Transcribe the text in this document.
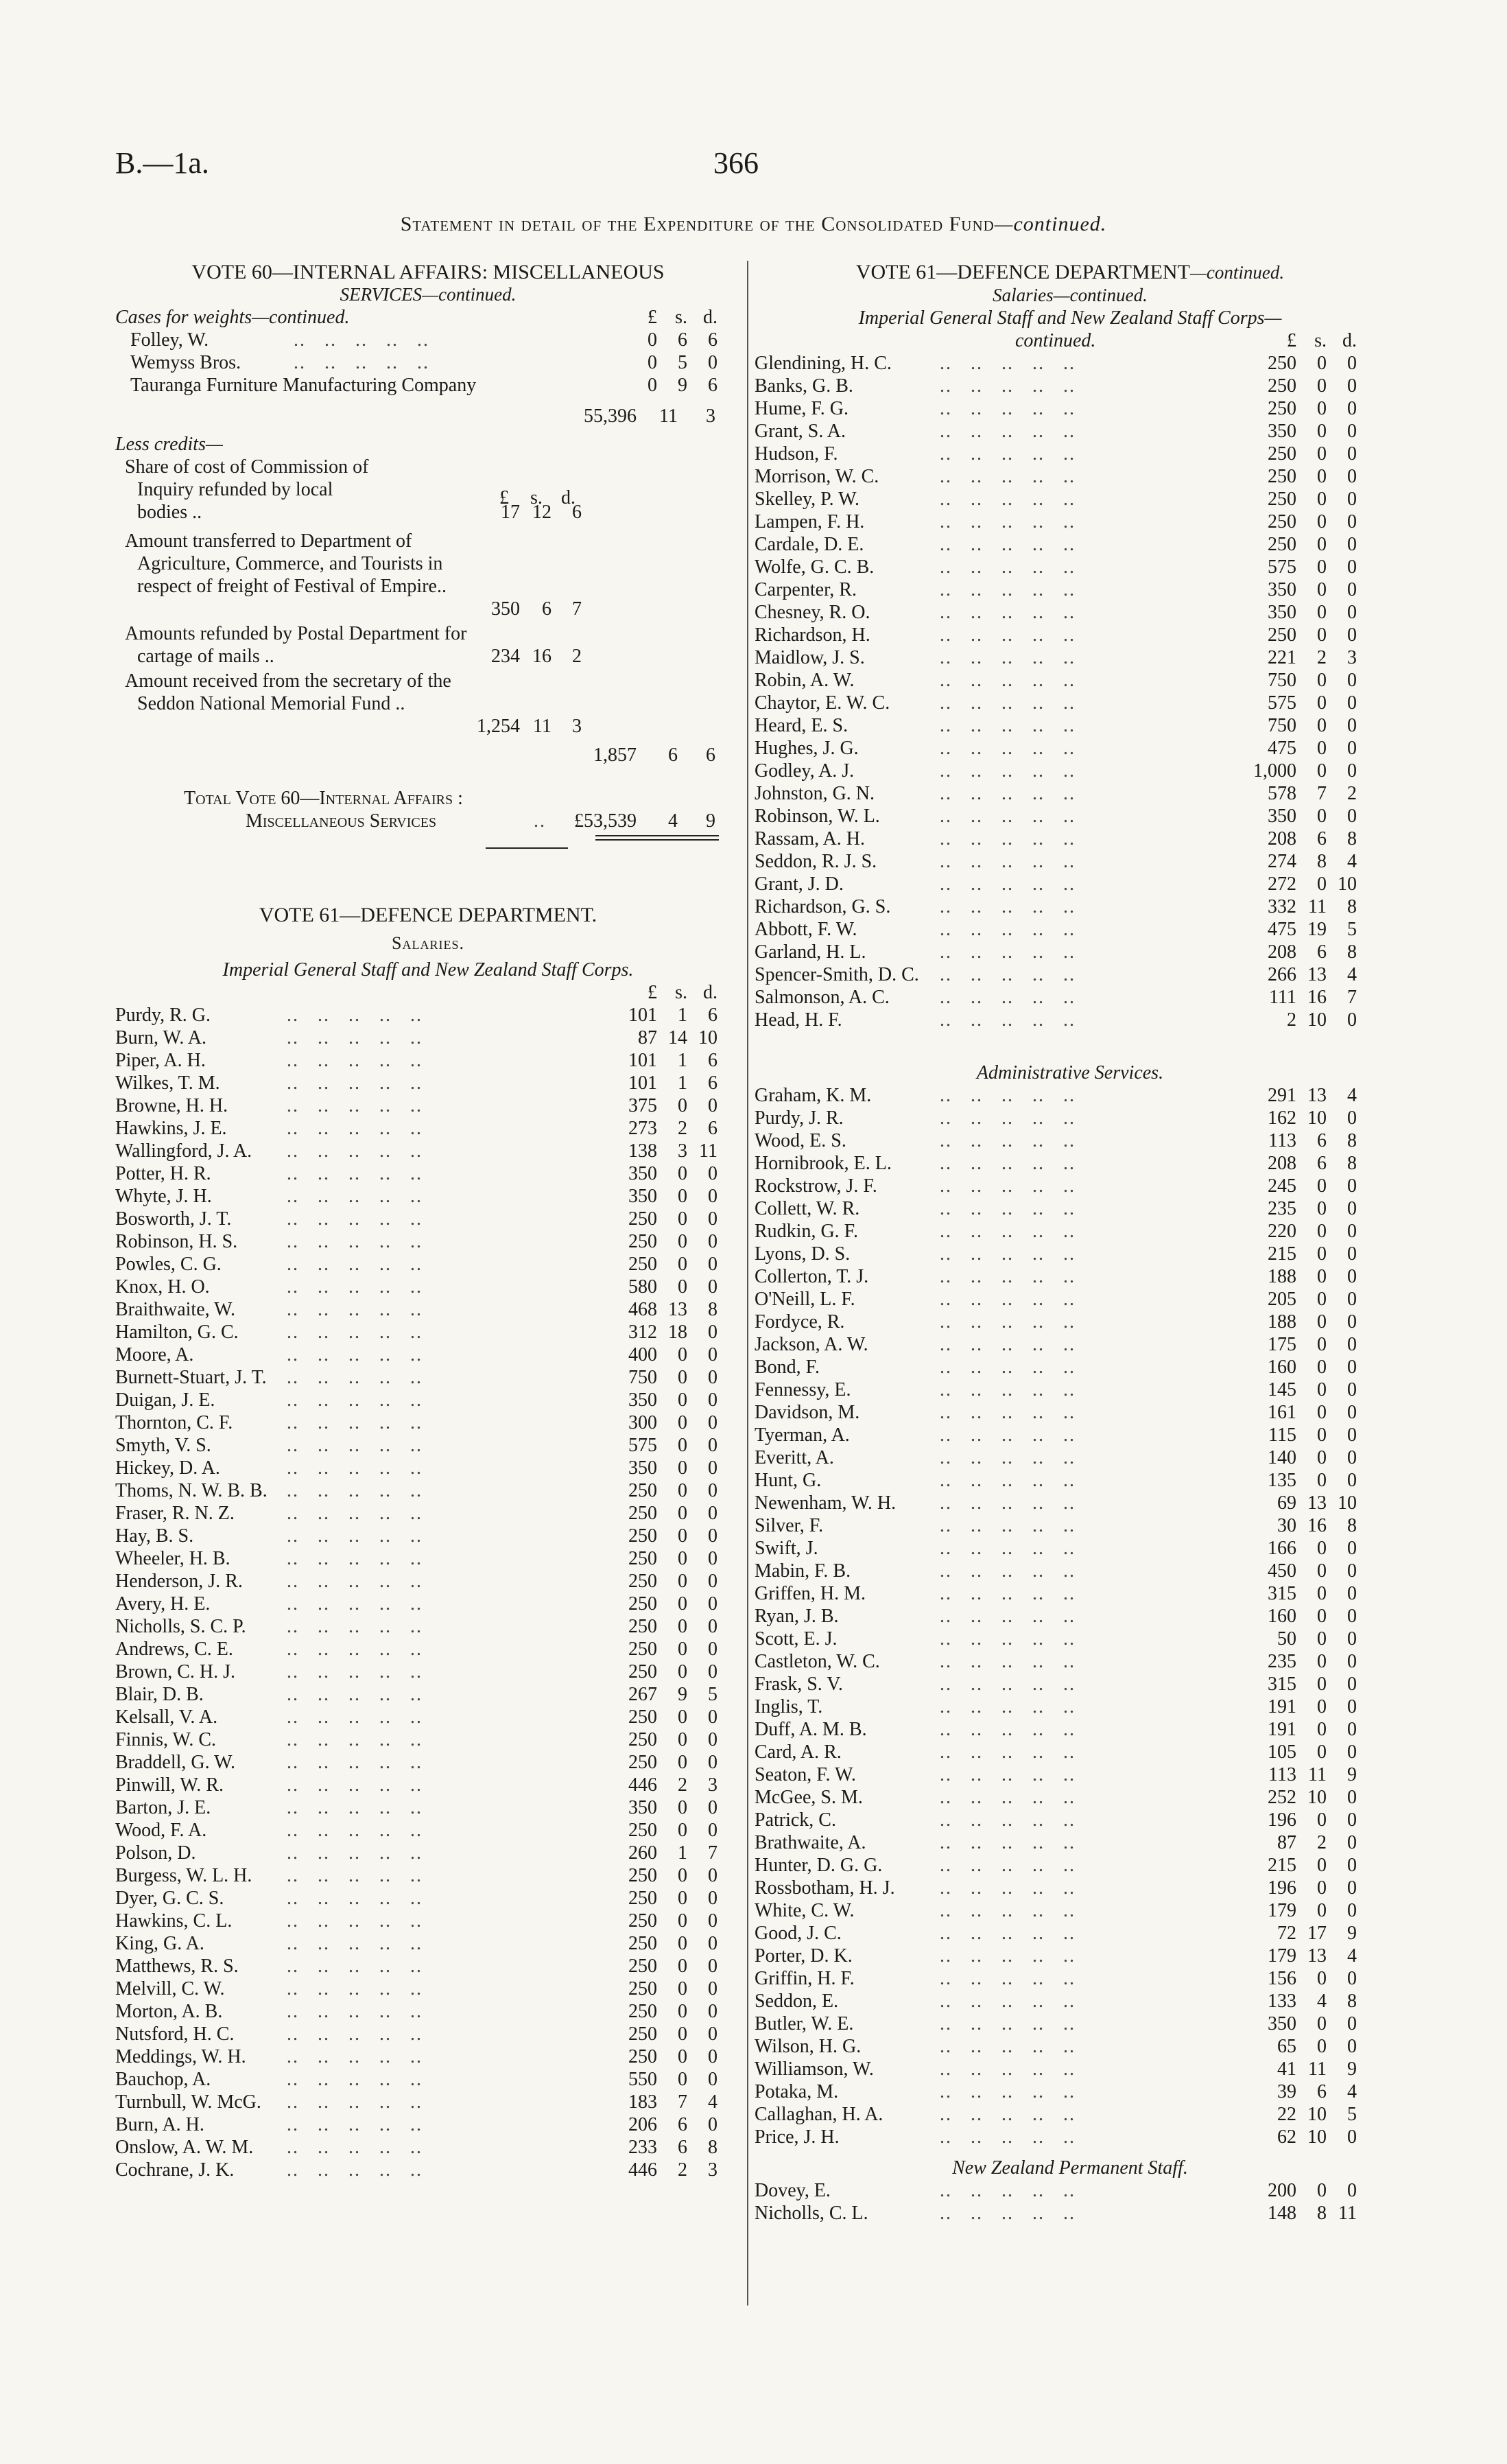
B.—1a.	366
Statement in detail of the Expenditure of the Consolidated Fund—continued.
VOTE 60—INTERNAL AFFAIRS: MISCELLANEOUS
SERVICES—continued.
Cases for weights—continued.	£ s. d.
Folley, W.	..   ..   ..   ..   ..	0	6	6
Wemyss Bros.	..   ..   ..   ..   ..	0	5	0
Tauranga Furniture Manufacturing Company	0	9	6
55,396	11	3
Less credits—
£ s. d.
Share of cost of Commission of Inquiry refunded by local bodies ..	17 12	6
Amount transferred to Department of Agriculture, Commerce, and Tourists in respect of freight of Festival of Empire..
350	6	7
Amounts refunded by Postal Department for cartage of mails ..	234 16	2
Amount received from the secretary of the Seddon National Memorial Fund ..
1,254 11	3
1,857	6	6
Total Vote 60—Internal Affairs :
Miscellaneous Services	..	£53,539	4	9
VOTE 61—DEFENCE DEPARTMENT.
Salaries.
Imperial General Staff and New Zealand Staff Corps.
£ s. d.
Purdy, R. G.	..   ..   ..   ..   ..	101	1	6
Burn, W. A.	..   ..   ..   ..   ..	87 14 10
Piper, A. H.	..   ..   ..   ..   ..	101	1	6
Wilkes, T. M.	..   ..   ..   ..   ..	101	1	6
Browne, H. H.	..   ..   ..   ..   ..	375	0	0
Hawkins, J. E.	..   ..   ..   ..   ..	273	2	6
Wallingford, J. A. ..   ..   ..   ..   ..	138	3 11
Potter, H. R.	..   ..   ..   ..   ..	350	0	0
Whyte, J. H.	..   ..   ..   ..   ..	350	0	0
Bosworth, J. T.	..   ..   ..   ..   ..	250	0	0
Robinson, H. S.	..   ..   ..   ..   ..	250	0	0
Powles, C. G.	..   ..   ..   ..   ..	250	0	0
Knox, H. O.	..   ..   ..   ..   ..	580	0	0
Braithwaite, W.	..   ..   ..   ..   ..	468 13	8
Hamilton, G. C.	..   ..   ..   ..   ..	312 18	0
Moore, A.	..   ..   ..   ..   ..	400	0	0
Burnett-Stuart, J. T. ..   ..   ..   ..   ..	750	0	0
Duigan, J. E.	..   ..   ..   ..   ..	350	0	0
Thornton, C. F.	..   ..   ..   ..   ..	300	0	0
Smyth, V. S.	..   ..   ..   ..   ..	575	0	0
Hickey, D. A.	..   ..   ..   ..   ..	350	0	0
Thoms, N. W. B. B. ..   ..   ..   ..   ..	250	0	0
Fraser, R. N. Z.	..   ..   ..   ..   ..	250	0	0
Hay, B. S.	..   ..   ..   ..   ..	250	0	0
Wheeler, H. B.	..   ..   ..   ..   ..	250	0	0
Henderson, J. R. ..   ..   ..   ..   ..	250	0	0
Avery, H. E.	..   ..   ..   ..   ..	250	0	0
Nicholls, S. C. P. ..   ..   ..   ..   ..	250	0	0
Andrews, C. E.	..   ..   ..   ..   ..	250	0	0
Brown, C. H. J.	..   ..   ..   ..   ..	250	0	0
Blair, D. B.	..   ..   ..   ..   ..	267	9	5
Kelsall, V. A.	..   ..   ..   ..   ..	250	0	0
Finnis, W. C.	..   ..   ..   ..   ..	250	0	0
Braddell, G. W.	..   ..   ..   ..   ..	250	0	0
Pinwill, W. R.	..   ..   ..   ..   ..	446	2	3
Barton, J. E.	..   ..   ..   ..   ..	350	0	0
Wood, F. A.	..   ..   ..   ..   ..	250	0	0
Polson, D.	..   ..   ..   ..   ..	260	1	7
Burgess, W. L. H. ..   ..   ..   ..   ..	250	0	0
Dyer, G. C. S.	..   ..   ..   ..   ..	250	0	0
Hawkins, C. L.	..   ..   ..   ..   ..	250	0	0
King, G. A.	..   ..   ..   ..   ..	250	0	0
Matthews, R. S.	..   ..   ..   ..   ..	250	0	0
Melvill, C. W.	..   ..   ..   ..   ..	250	0	0
Morton, A. B.	..   ..   ..   ..   ..	250	0	0
Nutsford, H. C.	..   ..   ..   ..   ..	250	0	0
Meddings, W. H. ..   ..   ..   ..   ..	250	0	0
Bauchop, A.	..   ..   ..   ..   ..	550	0	0
Turnbull, W. McG. ..   ..   ..   ..   ..	183	7	4
Burn, A. H.	..   ..   ..   ..   ..	206	6	0
Onslow, A. W. M. ..   ..   ..   ..   ..	233	6	8
Cochrane, J. K.	..   ..   ..   ..   ..	446	2	3
VOTE 61—DEFENCE DEPARTMENT—continued.
Salaries—continued.
Imperial General Staff and New Zealand Staff Corps—
continued.	£ s. d.
Glendining, H. C.	..   ..   ..   ..   ..	250	0	0
Banks, G. B.	..   ..   ..   ..   ..	250	0	0
Hume, F. G.	..   ..   ..   ..   ..	250	0	0
Grant, S. A.	..   ..   ..   ..   ..	350	0	0
Hudson, F.	..   ..   ..   ..   ..	250	0	0
Morrison, W. C.	..   ..   ..   ..   ..	250	0	0
Skelley, P. W.	..   ..   ..   ..   ..	250	0	0
Lampen, F. H.	..   ..   ..   ..   ..	250	0	0
Cardale, D. E.	..   ..   ..   ..   ..	250	0	0
Wolfe, G. C. B.	..   ..   ..   ..   ..	575	0	0
Carpenter, R.	..   ..   ..   ..   ..	350	0	0
Chesney, R. O.	..   ..   ..   ..   ..	350	0	0
Richardson, H.	..   ..   ..   ..   ..	250	0	0
Maidlow, J. S.	..   ..   ..   ..   ..	221	2	3
Robin, A. W.	..   ..   ..   ..   ..	750	0	0
Chaytor, E. W. C.	..   ..   ..   ..   ..	575	0	0
Heard, E. S.	..   ..   ..   ..   ..	750	0	0
Hughes, J. G.	..   ..   ..   ..   ..	475	0	0
Godley, A. J.	..   ..   ..   ..   ..	1,000	0	0
Johnston, G. N.	..   ..   ..   ..   ..	578	7	2
Robinson, W. L.	..   ..   ..   ..   ..	350	0	0
Rassam, A. H.	..   ..   ..   ..   ..	208	6	8
Seddon, R. J. S.	..   ..   ..   ..   ..	274	8	4
Grant, J. D.	..   ..   ..   ..   ..	272	0 10
Richardson, G. S.	..   ..   ..   ..   ..	332 11	8
Abbott, F. W.	..   ..   ..   ..   ..	475 19	5
Garland, H. L.	..   ..   ..   ..   ..	208	6	8
Spencer-Smith, D. C. ..   ..   ..   ..   ..	266 13	4
Salmonson, A. C.	..   ..   ..   ..   ..	111 16	7
Head, H. F.	..   ..   ..   ..   ..	2 10	0
Administrative Services.
Graham, K. M.	..   ..   ..   ..   ..	291 13	4
Purdy, J. R.	..   ..   ..   ..   ..	162 10	0
Wood, E. S.	..   ..   ..   ..   ..	113	6	8
Hornibrook, E. L.	..   ..   ..   ..   ..	208	6	8
Rockstrow, J. F.	..   ..   ..   ..   ..	245	0	0
Collett, W. R.	..   ..   ..   ..   ..	235	0	0
Rudkin, G. F.	..   ..   ..   ..   ..	220	0	0
Lyons, D. S.	..   ..   ..   ..   ..	215	0	0
Collerton, T. J.	..   ..   ..   ..   ..	188	0	0
O'Neill, L. F.	..   ..   ..   ..   ..	205	0	0
Fordyce, R.	..   ..   ..   ..   ..	188	0	0
Jackson, A. W.	..   ..   ..   ..   ..	175	0	0
Bond, F.	..   ..   ..   ..   ..	160	0	0
Fennessy, E.	..   ..   ..   ..   ..	145	0	0
Davidson, M.	..   ..   ..   ..   ..	161	0	0
Tyerman, A.	..   ..   ..   ..   ..	115	0	0
Everitt, A.	..   ..   ..   ..   ..	140	0	0
Hunt, G.	..   ..   ..   ..   ..	135	0	0
Newenham, W. H. ..   ..   ..   ..   ..	69 13 10
Silver, F.	..   ..   ..   ..   ..	30 16	8
Swift, J.	..   ..   ..   ..   ..	166	0	0
Mabin, F. B.	..   ..   ..   ..   ..	450	0	0
Griffen, H. M.	..   ..   ..   ..   ..	315	0	0
Ryan, J. B.	..   ..   ..   ..   ..	160	0	0
Scott, E. J.	..   ..   ..   ..   ..	50	0	0
Castleton, W. C.	..   ..   ..   ..   ..	235	0	0
Frask, S. V.	..   ..   ..   ..   ..	315	0	0
Inglis, T.	..   ..   ..   ..   ..	191	0	0
Duff, A. M. B.	..   ..   ..   ..   ..	191	0	0
Card, A. R.	..   ..   ..   ..   ..	105	0	0
Seaton, F. W.	..   ..   ..   ..   ..	113 11	9
McGee, S. M.	..   ..   ..   ..   ..	252 10	0
Patrick, C.	..   ..   ..   ..   ..	196	0	0
Brathwaite, A.	..   ..   ..   ..   ..	87	2	0
Hunter, D. G. G.	..   ..   ..   ..   ..	215	0	0
Rossbotham, H. J. ..   ..   ..   ..   ..	196	0	0
White, C. W.	..   ..   ..   ..   ..	179	0	0
Good, J. C.	..   ..   ..   ..   ..	72 17	9
Porter, D. K.	..   ..   ..   ..   ..	179 13	4
Griffin, H. F.	..   ..   ..   ..   ..	156	0	0
Seddon, E.	..   ..   ..   ..   ..	133	4	8
Butler, W. E.	..   ..   ..   ..   ..	350	0	0
Wilson, H. G.	..   ..   ..   ..   ..	65	0	0
Williamson, W.	..   ..   ..   ..   ..	41 11	9
Potaka, M.	..   ..   ..   ..   ..	39	6	4
Callaghan, H. A.	..   ..   ..   ..   ..	22 10	5
Price, J. H.	..   ..   ..   ..   ..	62 10	0
New Zealand Permanent Staff.
Dovey, E.	..   ..   ..   ..   ..	200	0	0
Nicholls, C. L.	..   ..   ..   ..   ..	148	8 11
